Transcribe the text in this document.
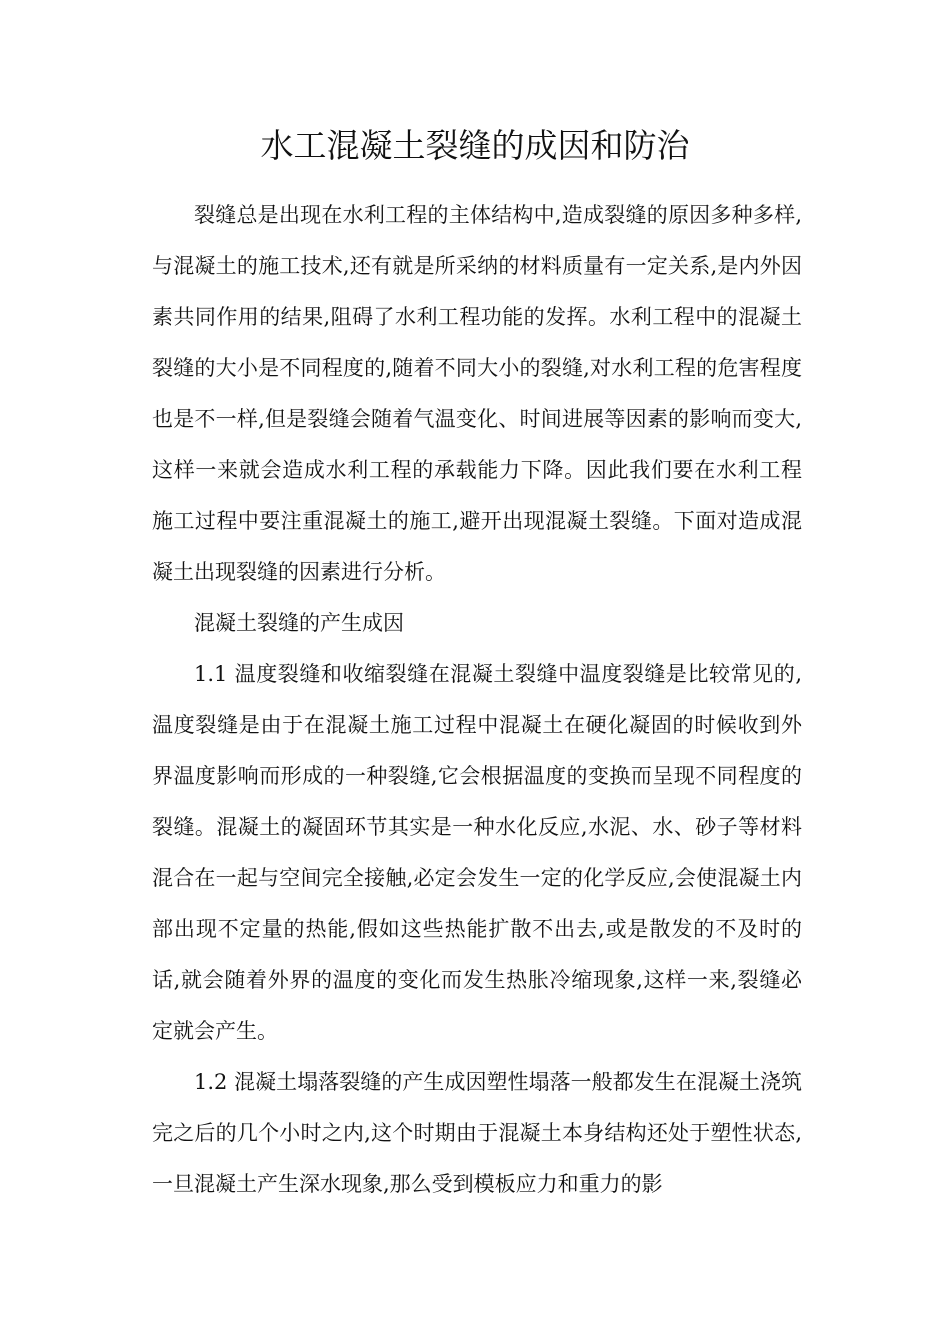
水工混凝土裂缝的成因和防治

裂缝总是出现在水利工程的主体结构中,造成裂缝的原因多种多样,与混凝土的施工技术,还有就是所采纳的材料质量有一定关系,是内外因素共同作用的结果,阻碍了水利工程功能的发挥。水利工程中的混凝土裂缝的大小是不同程度的,随着不同大小的裂缝,对水利工程的危害程度也是不一样,但是裂缝会随着气温变化、时间进展等因素的影响而变大,这样一来就会造成水利工程的承载能力下降。因此我们要在水利工程施工过程中要注重混凝土的施工,避开出现混凝土裂缝。下面对造成混凝土出现裂缝的因素进行分析。

混凝土裂缝的产生成因

1.1 温度裂缝和收缩裂缝在混凝土裂缝中温度裂缝是比较常见的,温度裂缝是由于在混凝土施工过程中混凝土在硬化凝固的时候收到外界温度影响而形成的一种裂缝,它会根据温度的变换而呈现不同程度的裂缝。混凝土的凝固环节其实是一种水化反应,水泥、水、砂子等材料混合在一起与空间完全接触,必定会发生一定的化学反应,会使混凝土内部出现不定量的热能,假如这些热能扩散不出去,或是散发的不及时的话,就会随着外界的温度的变化而发生热胀冷缩现象,这样一来,裂缝必定就会产生。

1.2 混凝土塌落裂缝的产生成因塑性塌落一般都发生在混凝土浇筑完之后的几个小时之内,这个时期由于混凝土本身结构还处于塑性状态,一旦混凝土产生深水现象,那么受到模板应力和重力的影
